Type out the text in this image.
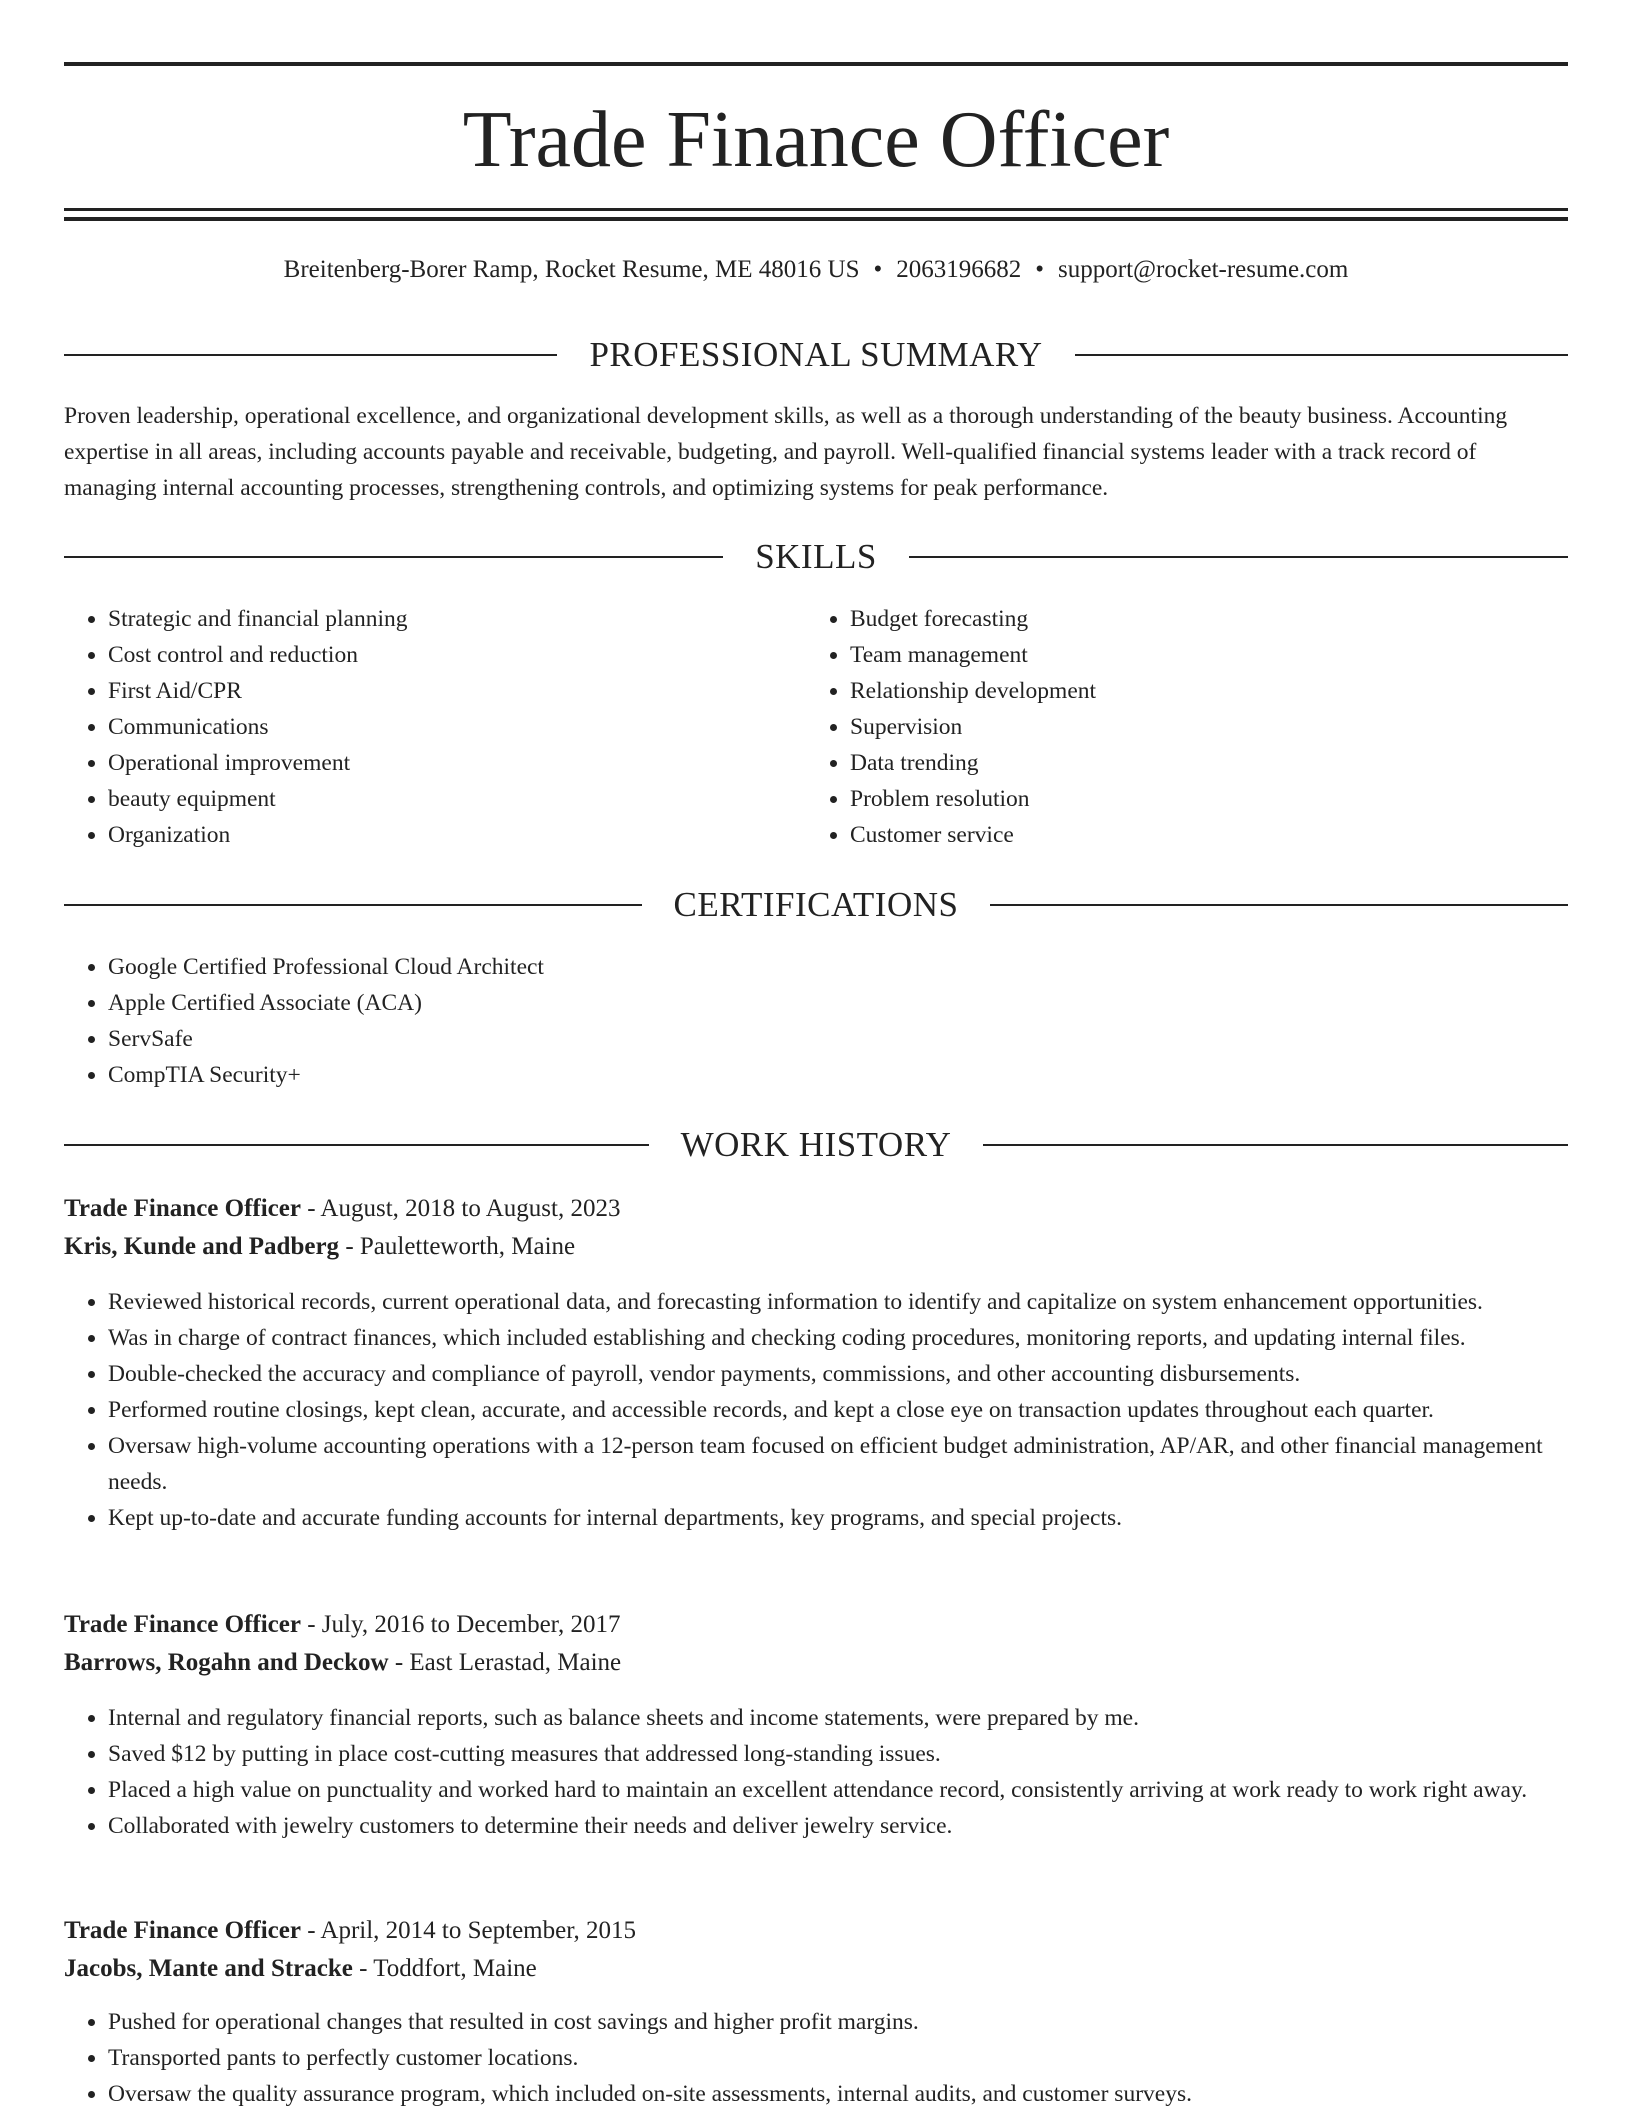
Trade Finance Officer
Breitenberg-Borer Ramp, Rocket Resume, ME 48016 US • 2063196682 • support@rocket-resume.com
PROFESSIONAL SUMMARY

Proven leadership, operational excellence, and organizational development skills, as well as a thorough understanding of the beauty business. Accounting expertise in all areas, including accounts payable and receivable, budgeting, and payroll. Well-qualified financial systems leader with a track record of managing internal accounting processes, strengthening controls, and optimizing systems for peak performance.

SKILLS
• Strategic and financial planning
• Cost control and reduction
• First Aid/CPR
• Communications
• Operational improvement
• beauty equipment
• Organization
• Budget forecasting
• Team management
• Relationship development
• Supervision
• Data trending
• Problem resolution
• Customer service
CERTIFICATIONS
• Google Certified Professional Cloud Architect
• Apple Certified Associate (ACA)
• ServSafe
• CompTIA Security+
WORK HISTORY
Trade Finance Officer - August, 2018 to August, 2023
Kris, Kunde and Padberg - Pauletteworth, Maine
• Reviewed historical records, current operational data, and forecasting information to identify and capitalize on system enhancement opportunities.
• Was in charge of contract finances, which included establishing and checking coding procedures, monitoring reports, and updating internal files.
• Double-checked the accuracy and compliance of payroll, vendor payments, commissions, and other accounting disbursements.
• Performed routine closings, kept clean, accurate, and accessible records, and kept a close eye on transaction updates throughout each quarter.
• Oversaw high-volume accounting operations with a 12-person team focused on efficient budget administration, AP/AR, and other financial management needs.
• Kept up-to-date and accurate funding accounts for internal departments, key programs, and special projects.
Trade Finance Officer - July, 2016 to December, 2017
Barrows, Rogahn and Deckow - East Lerastad, Maine
• Internal and regulatory financial reports, such as balance sheets and income statements, were prepared by me.
• Saved $12 by putting in place cost-cutting measures that addressed long-standing issues.
• Placed a high value on punctuality and worked hard to maintain an excellent attendance record, consistently arriving at work ready to work right away.
• Collaborated with jewelry customers to determine their needs and deliver jewelry service.
Trade Finance Officer - April, 2014 to September, 2015
Jacobs, Mante and Stracke - Toddfort, Maine
• Pushed for operational changes that resulted in cost savings and higher profit margins.
• Transported pants to perfectly customer locations.
• Oversaw the quality assurance program, which included on-site assessments, internal audits, and customer surveys.
